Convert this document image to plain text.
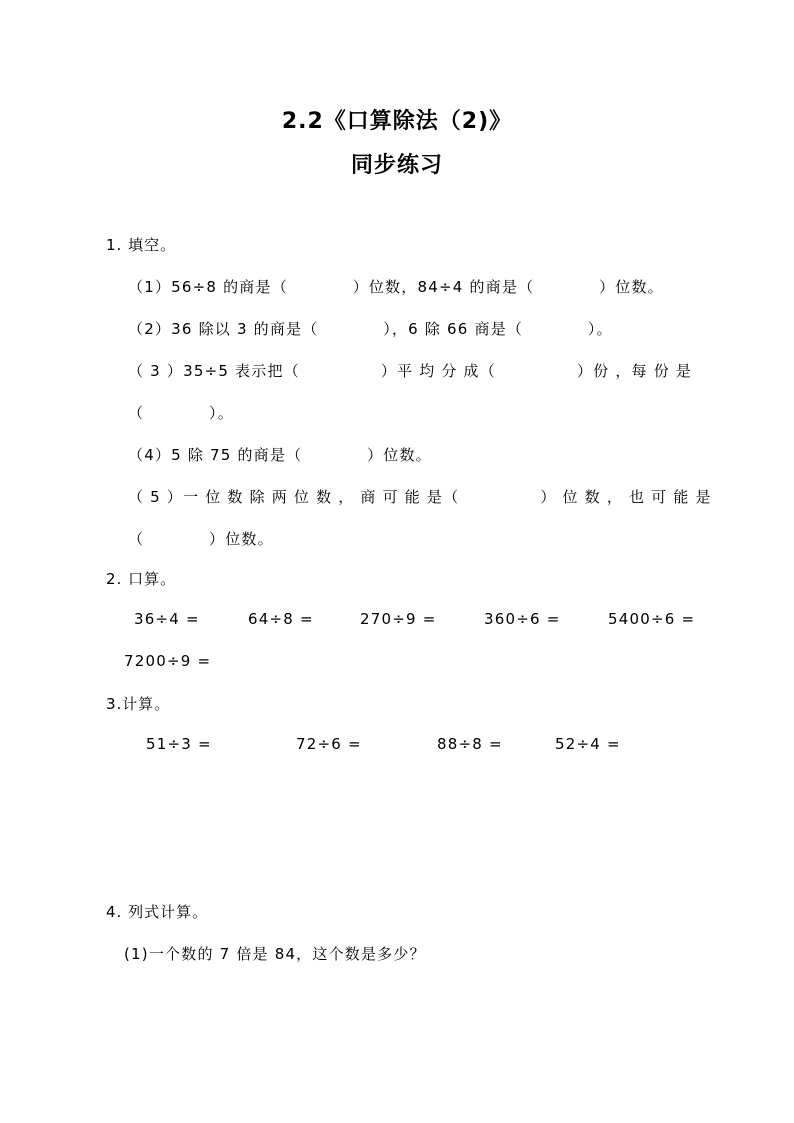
2.2《口算除法（2)》
同步练习
1. 填空。
（1）56÷8 的商是（　　　　）位数，84÷4 的商是（　　　　）位数。
（2）36 除以 3 的商是（　　　　），6 除 66 商是（　　　　）。
（ 3 ）35÷5 表示把（　　　　　）平 均 分 成（　　　　　）份 ，每 份 是
（　　　　）。
（4）5 除 75 的商是（　　　　）位数。
（ 5 ）一 位 数 除 两 位 数 ， 商 可 能 是（　　　　　） 位 数 ， 也 可 能 是
（　　　　）位数。
2. 口算。
36÷4 =	64÷8 =	270÷9 =	360÷6 =	5400÷6 =
7200÷9 =
3.计算。
51÷3 =	72÷6 =	88÷8 =	52÷4 =
4. 列式计算。
(1)一个数的 7 倍是 84，这个数是多少？
